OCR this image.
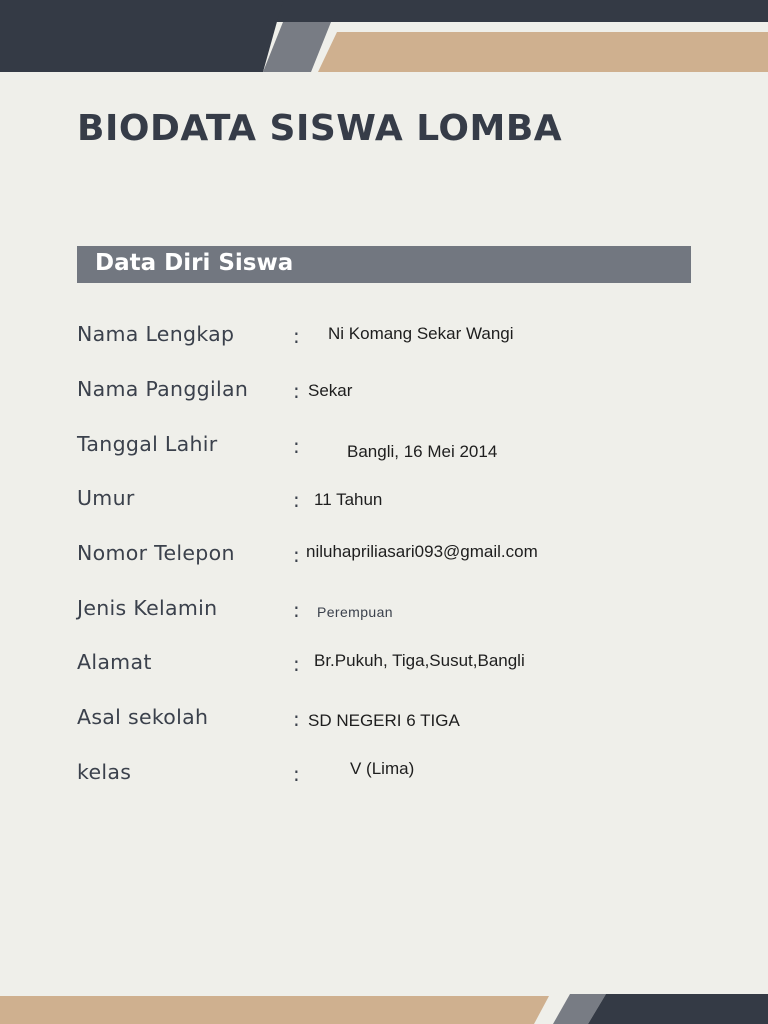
BIODATA SISWA LOMBA
Data Diri Siswa
Nama Lengkap	: Ni Komang Sekar Wangi
Nama Panggilan : Sekar
Tanggal Lahir	:	Bangli, 16 Mei 2014
Umur	: 11 Tahun
Nomor Telepon	: niluhapriliasari093@gmail.com
Jenis Kelamin	: Perempuan
Alamat	: Br.Pukuh, Tiga,Susut,Bangli
Asal sekolah	: SD NEGERI 6 TIGA
kelas	:	V (Lima)
